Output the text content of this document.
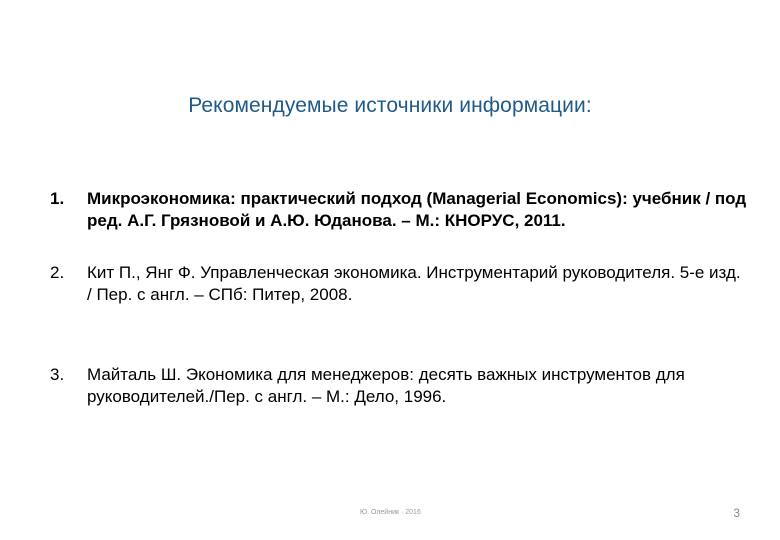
Рекомендуемые источники информации:
1.	Микроэкономика: практический подход (Managerial Economics): учебник / под ред. А.Г. Грязновой и А.Ю. Юданова. – М.: КНОРУС, 2011.
2.	Кит П., Янг Ф. Управленческая экономика. Инструментарий руководителя. 5-е изд. / Пер. с англ. – СПб: Питер, 2008.
3.	Майталь Ш. Экономика для менеджеров: десять важных инструментов для руководителей./Пер. с англ. – М.: Дело, 1996.
Ю. Олейник · 2016	3
